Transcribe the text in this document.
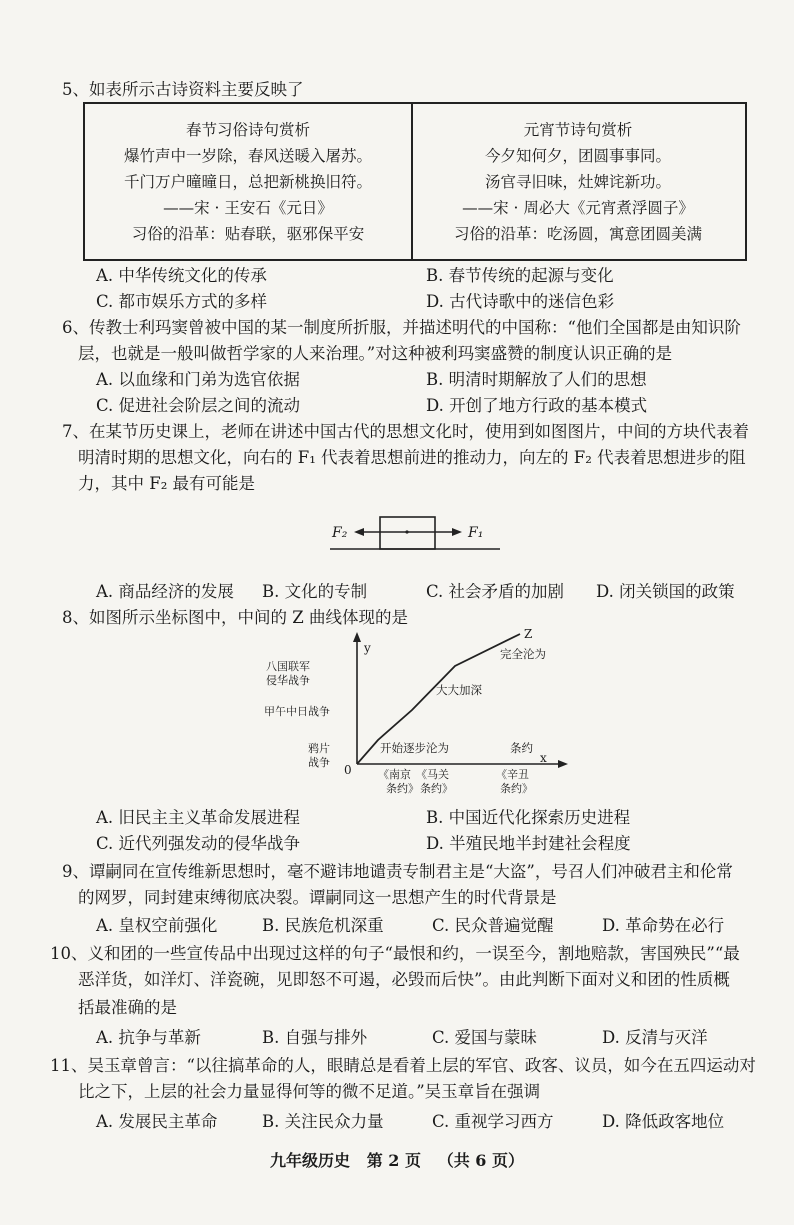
5、如表所示古诗资料主要反映了
春节习俗诗句赏析
爆竹声中一岁除，春风送暖入屠苏。
千门万户曈曈日，总把新桃换旧符。
——宋 · 王安石《元日》
习俗的沿革：贴春联，驱邪保平安
元宵节诗句赏析
今夕知何夕，团圆事事同。
汤官寻旧味，灶婢诧新功。
——宋 · 周必大《元宵煮浮圆子》
习俗的沿革：吃汤圆，寓意团圆美满
A. 中华传统文化的传承	B. 春节传统的起源与变化
C. 都市娱乐方式的多样	D. 古代诗歌中的迷信色彩
6、传教士利玛窦曾被中国的某一制度所折服，并描述明代的中国称：“他们全国都是由知识阶
层，也就是一般叫做哲学家的人来治理。”对这种被利玛窦盛赞的制度认识正确的是
A. 以血缘和门弟为选官依据	B. 明清时期解放了人们的思想
C. 促进社会阶层之间的流动	D. 开创了地方行政的基本模式
7、在某节历史课上，老师在讲述中国古代的思想文化时，使用到如图图片，中间的方块代表着
明清时期的思想文化，向右的 F₁ 代表着思想前进的推动力，向左的 F₂ 代表着思想进步的阻
力，其中 F₂ 最有可能是
F₂	F₁
A. 商品经济的发展 B. 文化的专制	C. 社会矛盾的加剧 D. 闭关锁国的政策
8、如图所示坐标图中，中间的 Z 曲线体现的是
y
x
0
鸦片
战争
甲午中日战争
八国联军
侵华战争
Z
开始逐步沦为
大大加深
完全沦为
条约
《南京
条约》
《马关
条约》
《辛丑
条约》
A. 旧民主主义革命发展进程	B. 中国近代化探索历史进程
C. 近代列强发动的侵华战争	D. 半殖民地半封建社会程度
9、谭嗣同在宣传维新思想时，毫不避讳地谴责专制君主是“大盗”，号召人们冲破君主和伦常
的网罗，同封建束缚彻底决裂。谭嗣同这一思想产生的时代背景是
A. 皇权空前强化	B. 民族危机深重	C. 民众普遍觉醒	D. 革命势在必行
10、义和团的一些宣传品中出现过这样的句子“最恨和约，一误至今，割地赔款，害国殃民”“最
恶洋货，如洋灯、洋瓷碗，见即怒不可遏，必毁而后快”。由此判断下面对义和团的性质概
括最准确的是
A. 抗争与革新	B. 自强与排外	C. 爱国与蒙昧	D. 反清与灭洋
11、吴玉章曾言：“以往搞革命的人，眼睛总是看着上层的军官、政客、议员，如今在五四运动对
比之下，上层的社会力量显得何等的微不足道。”吴玉章旨在强调
A. 发展民主革命	B. 关注民众力量	C. 重视学习西方	D. 降低政客地位
九年级历史   第 2 页   （共 6 页）
